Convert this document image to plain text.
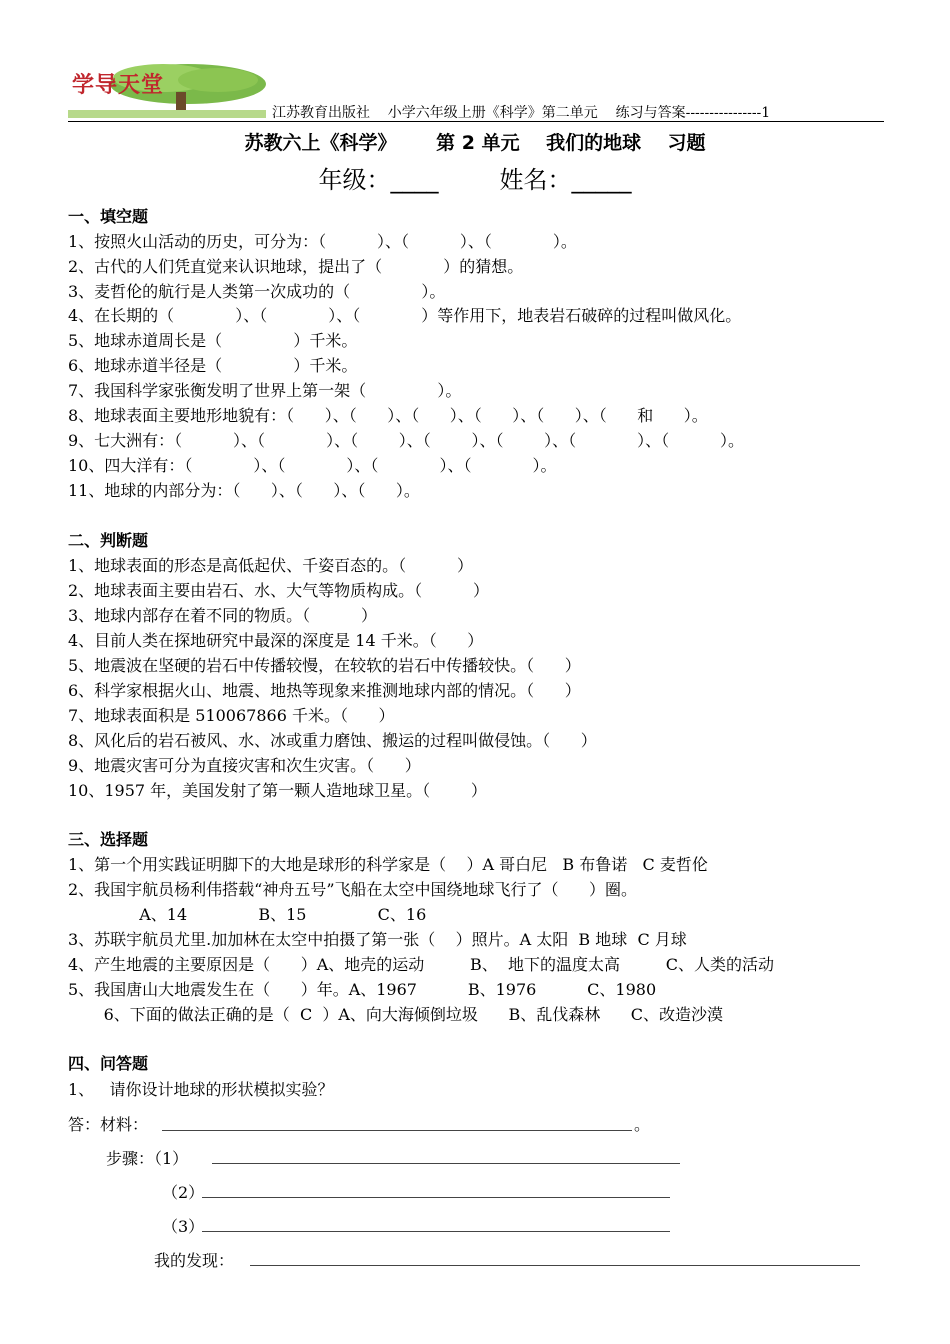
学导天堂
江苏教育出版社    小学六年级上册《科学》第二单元    练习与答案----------------1
苏教六上《科学》      第 2 单元    我们的地球    习题
年级：____        姓名：_____
一、填空题
1、按照火山活动的历史，可分为：（          ）、（          ）、（            ）。
2、古代的人们凭直觉来认识地球，提出了（            ）的猜想。
3、麦哲伦的航行是人类第一次成功的（              ）。
4、在长期的（            ）、（            ）、（            ）等作用下，地表岩石破碎的过程叫做风化。
5、地球赤道周长是（              ）千米。
6、地球赤道半径是（              ）千米。
7、我国科学家张衡发明了世界上第一架（              ）。
8、地球表面主要地形地貌有：（      ）、（      ）、（      ）、（      ）、（      ）、（      和      ）。
9、七大洲有：（          ）、（            ）、（        ）、（        ）、（        ）、（            ）、（          ）。
10、四大洋有：（            ）、（            ）、（            ）、（            ）。
11、地球的内部分为：（      ）、（      ）、（      ）。
二、判断题
1、地球表面的形态是高低起伏、千姿百态的。（          ）
2、地球表面主要由岩石、水、大气等物质构成。（          ）
3、地球内部存在着不同的物质。（          ）
4、目前人类在探地研究中最深的深度是 14 千米。（      ）
5、地震波在坚硬的岩石中传播较慢，在较软的岩石中传播较快。（      ）
6、科学家根据火山、地震、地热等现象来推测地球内部的情况。（      ）
7、地球表面积是 510067866 千米。（      ）
8、风化后的岩石被风、水、冰或重力磨蚀、搬运的过程叫做侵蚀。（      ）
9、地震灾害可分为直接灾害和次生灾害。（      ）
10、1957 年，美国发射了第一颗人造地球卫星。（        ）
三、选择题
1、第一个用实践证明脚下的大地是球形的科学家是（    ）A 哥白尼   B 布鲁诺   C 麦哲伦
2、我国宇航员杨利伟搭载“神舟五号”飞船在太空中国绕地球飞行了（      ）圈。
A、14              B、15              C、16
3、苏联宇航员尤里.加加林在太空中拍摄了第一张（    ）照片。A 太阳  B 地球  C 月球
4、产生地震的主要原因是（      ）A、地壳的运动         B、  地下的温度太高         C、人类的活动
5、我国唐山大地震发生在（      ）年。A、1967          B、1976          C、1980
6、下面的做法正确的是（  C  ）A、向大海倾倒垃圾      B、乱伐森林      C、改造沙漠
四、问答题
1、   请你设计地球的形状模拟实验？
答：材料：	。
步骤：（1）
（2）
（3）
我的发现：
